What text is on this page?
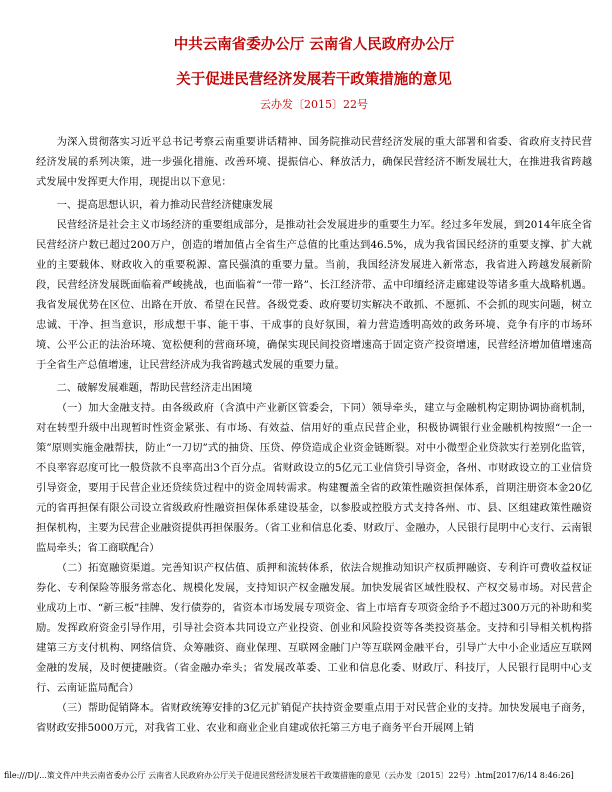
中共云南省委办公厅 云南省人民政府办公厅
关于促进民营经济发展若干政策措施的意见
云办发〔2015〕22号

为深入贯彻落实习近平总书记考察云南重要讲话精神、国务院推动民营经济发展的重大部署和省委、省政府支持民营经济发展的系列决策，进一步强化措施、改善环境、提振信心、释放活力，确保民营经济不断发展壮大，在推进我省跨越式发展中发挥更大作用，现提出以下意见：

一、提高思想认识，着力推动民营经济健康发展

民营经济是社会主义市场经济的重要组成部分，是推动社会发展进步的重要生力军。经过多年发展，到2014年底全省民营经济户数已超过200万户，创造的增加值占全省生产总值的比重达到46.5%，成为我省国民经济的重要支撑、扩大就业的主要载体、财政收入的重要税源、富民强滇的重要力量。当前，我国经济发展进入新常态，我省进入跨越发展新阶段，民营经济发展既面临着严峻挑战，也面临着“一带一路”、长江经济带、孟中印缅经济走廊建设等诸多重大战略机遇。我省发展优势在区位、出路在开放、希望在民营。各级党委、政府要切实解决不敢抓、不愿抓、不会抓的现实问题，树立忠诚、干净、担当意识，形成想干事、能干事、干成事的良好氛围，着力营造透明高效的政务环境、竞争有序的市场环境、公平公正的法治环境、宽松便利的营商环境，确保实现民间投资增速高于固定资产投资增速，民营经济增加值增速高于全省生产总值增速，让民营经济成为我省跨越式发展的重要力量。

二、破解发展难题，帮助民营经济走出困境

（一）加大金融支持。由各级政府（含滇中产业新区管委会，下同）领导牵头，建立与金融机构定期协调协商机制，对在转型升级中出现暂时性资金紧张、有市场、有效益、信用好的重点民营企业，积极协调银行业金融机构按照“一企一策”原则实施金融帮扶，防止“一刀切”式的抽贷、压贷、停贷造成企业资金链断裂。对中小微型企业贷款实行差别化监管，不良率容忍度可比一般贷款不良率高出3个百分点。省财政设立的5亿元工业信贷引导资金，各州、市财政设立的工业信贷引导资金，要用于民营企业还贷续贷过程中的资金周转需求。构建覆盖全省的政策性融资担保体系，首期注册资本金20亿元的省再担保有限公司设立省级政府性融资担保体系建设基金，以参股或控股方式支持各州、市、县、区组建政策性融资担保机构，主要为民营企业融资提供再担保服务。（省工业和信息化委、财政厅、金融办，人民银行昆明中心支行、云南银监局牵头；省工商联配合）

（二）拓宽融资渠道。完善知识产权估值、质押和流转体系，依法合规推动知识产权质押融资、专利许可费收益权证券化、专利保险等服务常态化、规模化发展，支持知识产权金融发展。加快发展省区域性股权、产权交易市场。对民营企业成功上市、“新三板”挂牌、发行债券的，省资本市场发展专项资金、省上市培育专项资金给予不超过300万元的补助和奖励。发挥政府资金引导作用，引导社会资本共同设立产业投资、创业和风险投资等各类投资基金。支持和引导相关机构搭建第三方支付机构、网络信贷、众筹融资、商业保理、互联网金融门户等互联网金融平台，引导广大中小企业适应互联网金融的发展，及时便捷融资。（省金融办牵头；省发展改革委、工业和信息化委、财政厅、科技厅，人民银行昆明中心支行、云南证监局配合）

（三）帮助促销降本。省财政统筹安排的3亿元扩销促产扶持资金要重点用于对民营企业的支持。加快发展电子商务，省财政安排5000万元，对我省工业、农业和商业企业自建或依托第三方电子商务平台开展网上销

file:///D|/...策文件/中共云南省委办公厅 云南省人民政府办公厅关于促进民营经济发展若干政策措施的意见（云办发〔2015〕22号）.htm[2017/6/14 8:46:26]
